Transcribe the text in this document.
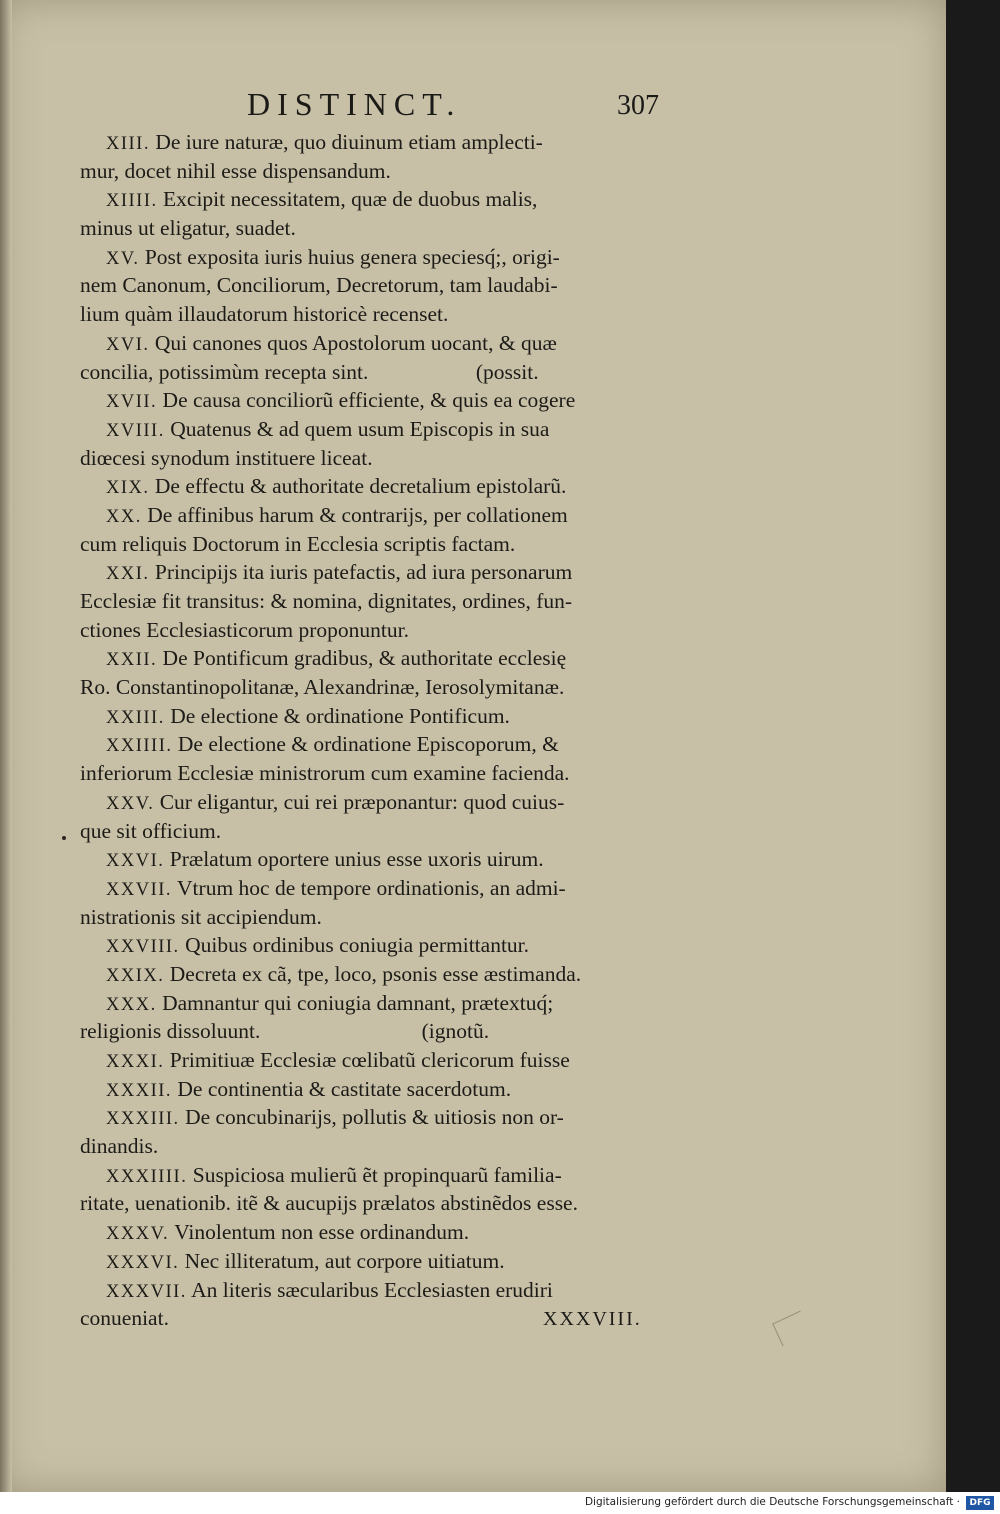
DISTINCT.	307
XIII. De iure naturæ, quo diuinum etiam amplecti-
mur, docet nihil esse dispensandum.
XIIII. Excipit necessitatem, quæ de duobus malis,
minus ut eligatur, suadet.
XV. Post exposita iuris huius genera speciesq́;, origi-
nem Canonum, Conciliorum, Decretorum, tam laudabi-
lium quàm illaudatorum historicè recenset.
XVI. Qui canones quos Apostolorum uocant, & quæ
concilia, potissimùm recepta sint.                    (possit.
XVII. De causa conciliorũ efficiente, & quis ea cogere
XVIII. Quatenus & ad quem usum Episcopis in sua
diœcesi synodum instituere liceat.
XIX. De effectu & authoritate decretalium epistolarũ.
XX. De affinibus harum & contrarijs, per collationem
cum reliquis Doctorum in Ecclesia scriptis factam.
XXI. Principijs ita iuris patefactis, ad iura personarum
Ecclesiæ fit transitus: & nomina, dignitates, ordines, fun-
ctiones Ecclesiasticorum proponuntur.
XXII. De Pontificum gradibus, & authoritate ecclesię
Ro. Constantinopolitanæ, Alexandrinæ, Ierosolymitanæ.
XXIII. De electione & ordinatione Pontificum.
XXIIII. De electione & ordinatione Episcoporum, &
inferiorum Ecclesiæ ministrorum cum examine facienda.
XXV. Cur eligantur, cui rei præponantur: quod cuius-
que sit officium.
XXVI. Prælatum oportere unius esse uxoris uirum.
XXVII. Vtrum hoc de tempore ordinationis, an admi-
nistrationis sit accipiendum.
XXVIII. Quibus ordinibus coniugia permittantur.
XXIX. Decreta ex cã, tpe, loco, psonis esse æstimanda.
XXX. Damnantur qui coniugia damnant, prætextuq́;
religionis dissoluunt.                              (ignotũ.
XXXI. Primitiuæ Ecclesiæ cœlibatũ clericorum fuisse
XXXII. De continentia & castitate sacerdotum.
XXXIII. De concubinarijs, pollutis & uitiosis non or-
dinandis.
XXXIIII. Suspiciosa mulierũ ẽt propinquarũ familia-
ritate, uenationib. itẽ & aucupijs prælatos abstinẽdos esse.
XXXV. Vinolentum non esse ordinandum.
XXXVI. Nec illiteratum, aut corpore uitiatum.
XXXVII. An literis sæcularibus Ecclesiasten erudiri
conueniat.	XXXVIII.
Digitalisierung gefördert durch die Deutsche Forschungsgemeinschaft ·	DFG
